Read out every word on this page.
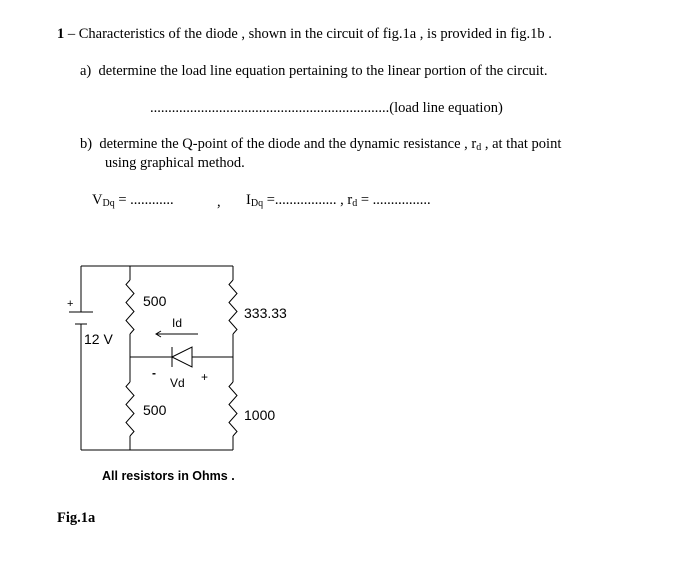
1 – Characteristics of the diode , shown in the circuit of fig.1a , is provided in fig.1b .
a) determine the load line equation pertaining to the linear portion of the circuit.
..................................................................(load line equation)
b) determine the Q-point of the diode and the dynamic resistance , rd , at that point
using graphical method.
VDq = ............	, IDq =................. , rd = ................
+
12 V
500
Id
333.33
-	+
Vd
500	1000
All resistors in Ohms .
Fig.1a
